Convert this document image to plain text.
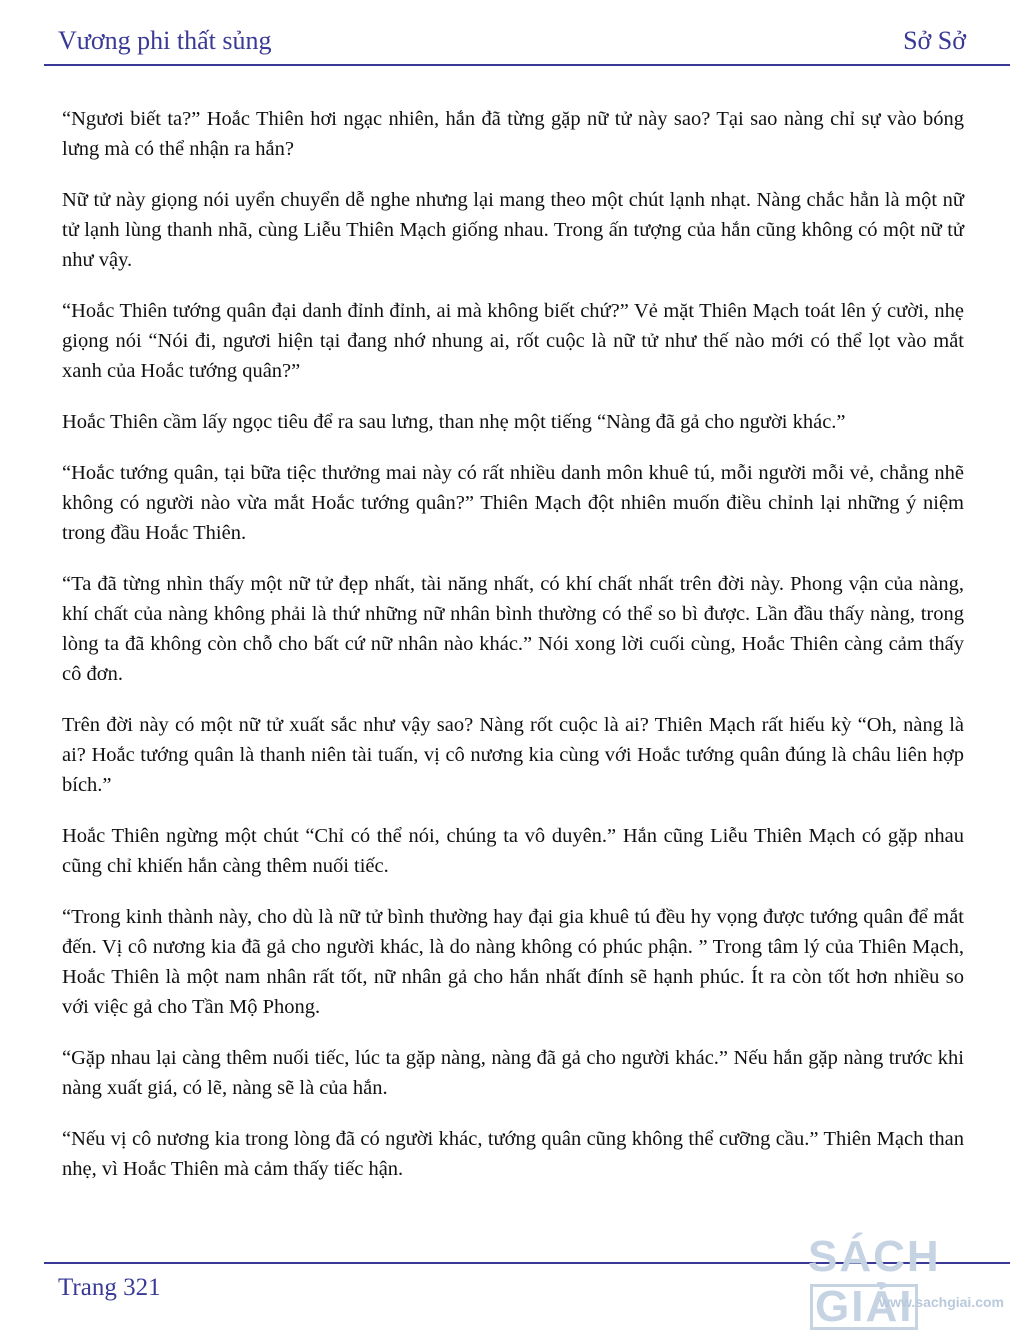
Vương phi thất sủng	Sở Sở

“Ngươi biết ta?” Hoắc Thiên hơi ngạc nhiên, hắn đã từng gặp nữ tử này sao? Tại sao nàng chỉ sự vào bóng lưng mà có thể nhận ra hắn?

Nữ tử này giọng nói uyển chuyển dễ nghe nhưng lại mang theo một chút lạnh nhạt. Nàng chắc hẳn là một nữ tử lạnh lùng thanh nhã, cùng Liễu Thiên Mạch giống nhau. Trong ấn tượng của hắn cũng không có một nữ tử như vậy.

“Hoắc Thiên tướng quân đại danh đỉnh đỉnh, ai mà không biết chứ?” Vẻ mặt Thiên Mạch toát lên ý cười, nhẹ giọng nói “Nói đi, ngươi hiện tại đang nhớ nhung ai, rốt cuộc là nữ tử như thế nào mới có thể lọt vào mắt xanh của Hoắc tướng quân?”

Hoắc Thiên cầm lấy ngọc tiêu để ra sau lưng, than nhẹ một tiếng “Nàng đã gả cho người khác.”

“Hoắc tướng quân, tại bữa tiệc thưởng mai này có rất nhiều danh môn khuê tú, mỗi người mỗi vẻ, chẳng nhẽ không có người nào vừa mắt Hoắc tướng quân?” Thiên Mạch đột nhiên muốn điều chỉnh lại những ý niệm trong đầu Hoắc Thiên.

“Ta đã từng nhìn thấy một nữ tử đẹp nhất, tài năng nhất, có khí chất nhất trên đời này. Phong vận của nàng, khí chất của nàng không phải là thứ những nữ nhân bình thường có thể so bì được. Lần đầu thấy nàng, trong lòng ta đã không còn chỗ cho bất cứ nữ nhân nào khác.” Nói xong lời cuối cùng, Hoắc Thiên càng cảm thấy cô đơn.

Trên đời này có một nữ tử xuất sắc như vậy sao? Nàng rốt cuộc là ai? Thiên Mạch rất hiếu kỳ “Oh, nàng là ai? Hoắc tướng quân là thanh niên tài tuấn, vị cô nương kia cùng với Hoắc tướng quân đúng là châu liên hợp bích.”

Hoắc Thiên ngừng một chút “Chỉ có thể nói, chúng ta vô duyên.” Hắn cũng Liễu Thiên Mạch có gặp nhau cũng chỉ khiến hắn càng thêm nuối tiếc.

“Trong kinh thành này, cho dù là nữ tử bình thường hay đại gia khuê tú đều hy vọng được tướng quân để mắt đến. Vị cô nương kia đã gả cho người khác, là do nàng không có phúc phận. ” Trong tâm lý của Thiên Mạch, Hoắc Thiên là một nam nhân rất tốt, nữ nhân gả cho hắn nhất đính sẽ hạnh phúc. Ít ra còn tốt hơn nhiều so với việc gả cho Tần Mộ Phong.

“Gặp nhau lại càng thêm nuối tiếc, lúc ta gặp nàng, nàng đã gả cho người khác.” Nếu hắn gặp nàng trước khi nàng xuất giá, có lẽ, nàng sẽ là của hắn.

“Nếu vị cô nương kia trong lòng đã có người khác, tướng quân cũng không thể cưỡng cầu.” Thiên Mạch than nhẹ, vì Hoắc Thiên mà cảm thấy tiếc hận.

Trang 321
SÁCHGIẢI
www.sachgiai.com
